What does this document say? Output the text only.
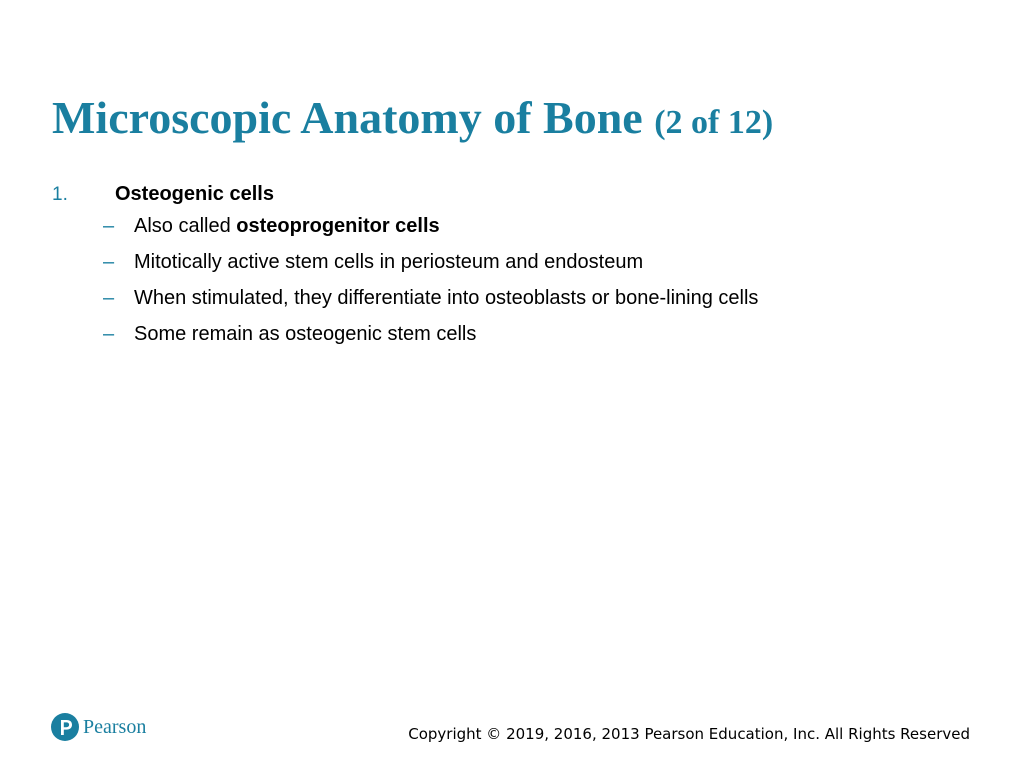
Microscopic Anatomy of Bone (2 of 12)
1.	Osteogenic cells
– Also called osteoprogenitor cells
– Mitotically active stem cells in periosteum and endosteum
– When stimulated, they differentiate into osteoblasts or bone-lining cells
– Some remain as osteogenic stem cells
Pearson	Copyright © 2019, 2016, 2013 Pearson Education, Inc. All Rights Reserved
